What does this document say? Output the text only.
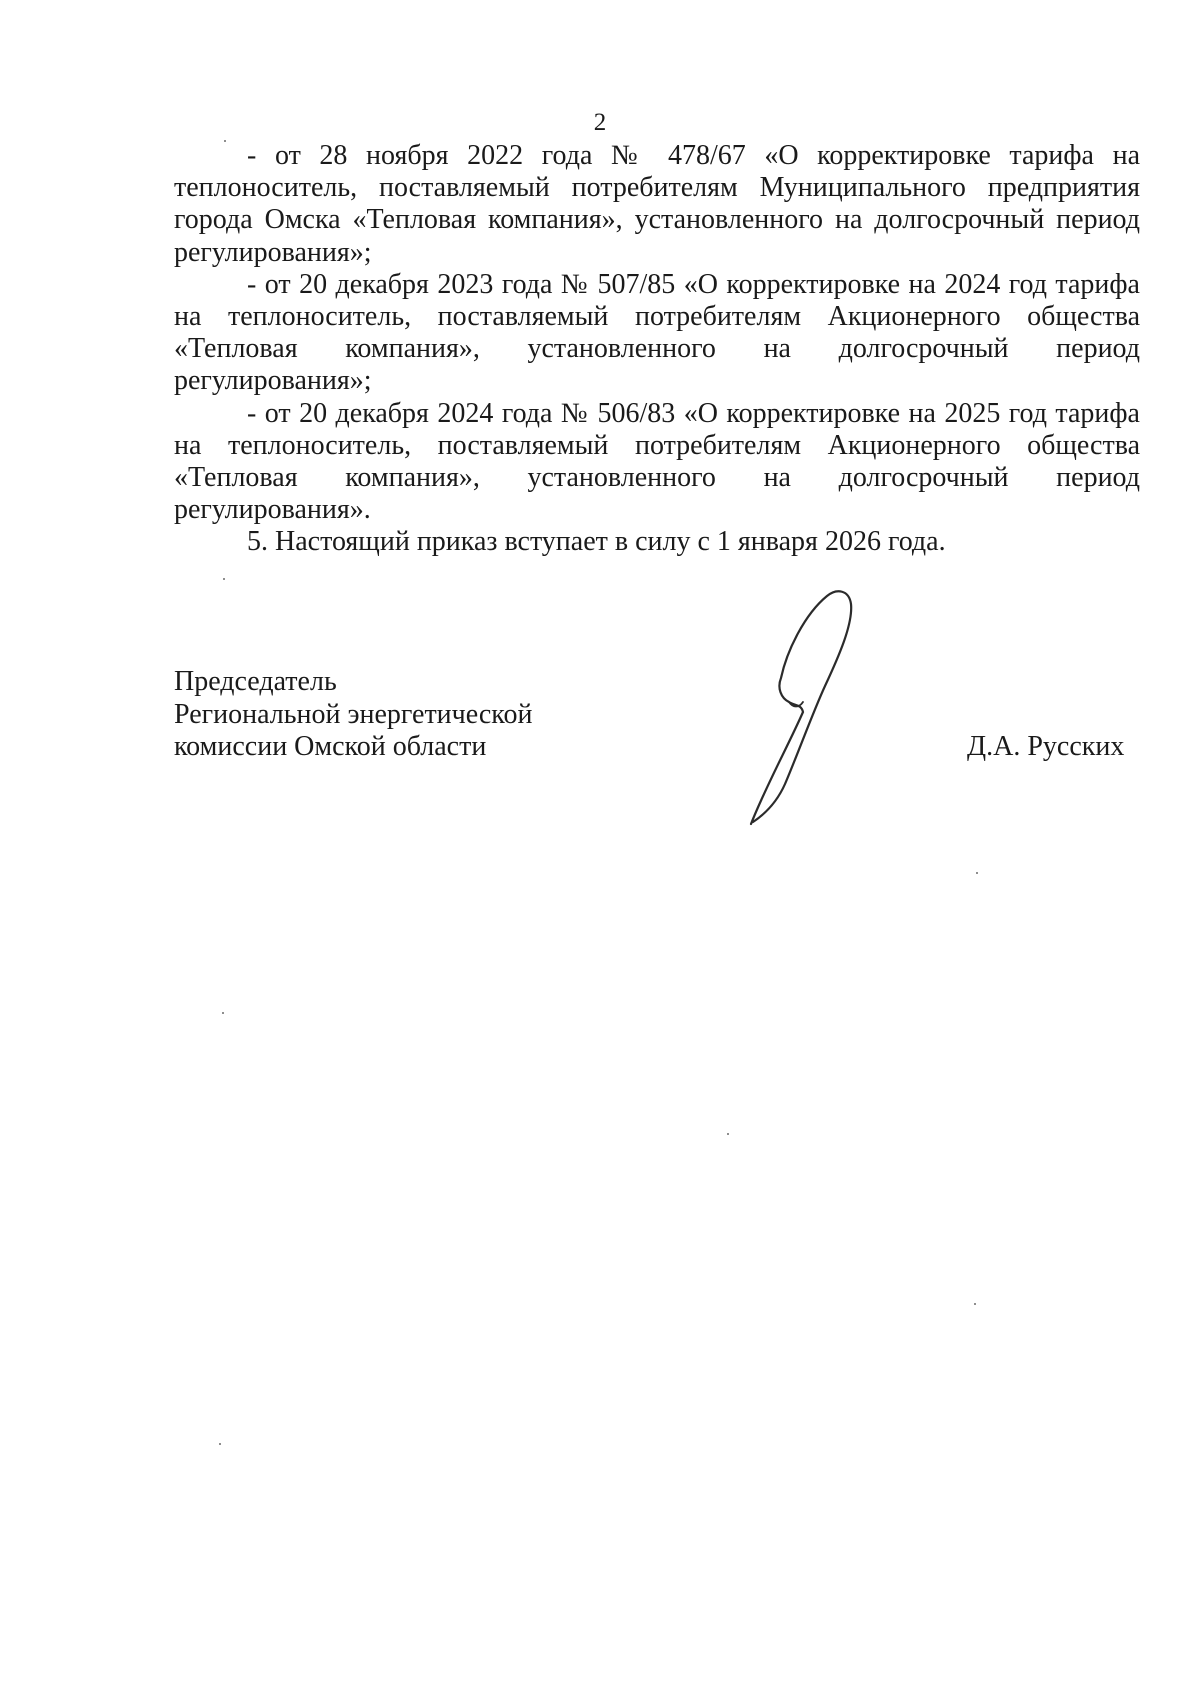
2

- от 28 ноября 2022 года № 478/67 «О корректировке тарифа на теплоноситель, поставляемый потребителям Муниципального предприятия города Омска «Тепловая компания», установленного на долгосрочный период регулирования»;

- от 20 декабря 2023 года № 507/85 «О корректировке на 2024 год тарифа на теплоноситель, поставляемый потребителям Акционерного общества «Тепловая компания», установленного на долгосрочный период регулирования»;

- от 20 декабря 2024 года № 506/83 «О корректировке на 2025 год тарифа на теплоноситель, поставляемый потребителям Акционерного общества «Тепловая компания», установленного на долгосрочный период регулирования».

5. Настоящий приказ вступает в силу с 1 января 2026 года.

Председатель
Региональной энергетической
комиссии Омской области	Д.А. Русских
